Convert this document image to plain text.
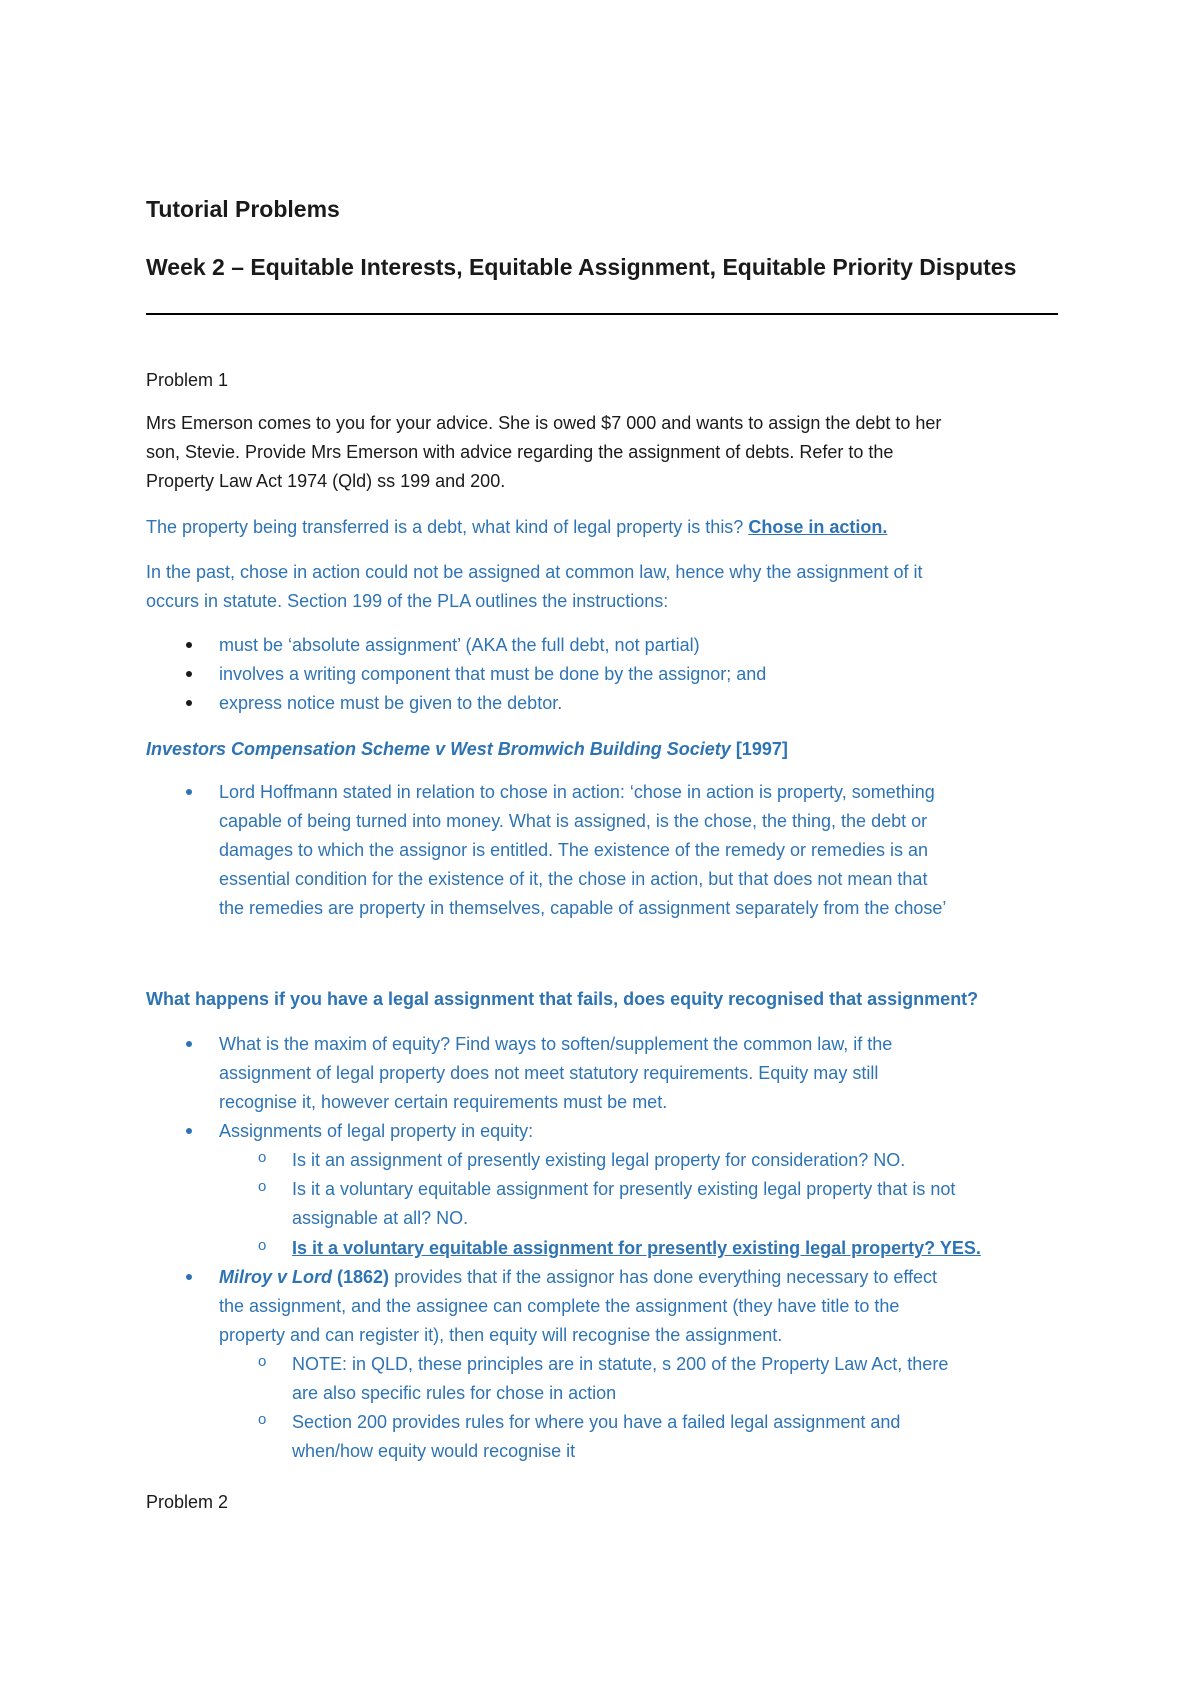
Tutorial Problems
Week 2 – Equitable Interests, Equitable Assignment, Equitable Priority Disputes
Problem 1
Mrs Emerson comes to you for your advice. She is owed $7 000 and wants to assign the debt to her
son, Stevie. Provide Mrs Emerson with advice regarding the assignment of debts. Refer to the
Property Law Act 1974 (Qld) ss 199 and 200.
The property being transferred is a debt, what kind of legal property is this? Chose in action.
In the past, chose in action could not be assigned at common law, hence why the assignment of it
occurs in statute. Section 199 of the PLA outlines the instructions:
must be ‘absolute assignment’ (AKA the full debt, not partial)
involves a writing component that must be done by the assignor; and
express notice must be given to the debtor.
Investors Compensation Scheme v West Bromwich Building Society [1997]
Lord Hoffmann stated in relation to chose in action: ‘chose in action is property, something
capable of being turned into money. What is assigned, is the chose, the thing, the debt or
damages to which the assignor is entitled. The existence of the remedy or remedies is an
essential condition for the existence of it, the chose in action, but that does not mean that
the remedies are property in themselves, capable of assignment separately from the chose’
What happens if you have a legal assignment that fails, does equity recognised that assignment?
What is the maxim of equity? Find ways to soften/supplement the common law, if the
assignment of legal property does not meet statutory requirements. Equity may still
recognise it, however certain requirements must be met.
Assignments of legal property in equity:
o Is it an assignment of presently existing legal property for consideration? NO.
o Is it a voluntary equitable assignment for presently existing legal property that is not
assignable at all? NO.
o Is it a voluntary equitable assignment for presently existing legal property? YES.
Milroy v Lord (1862) provides that if the assignor has done everything necessary to effect
the assignment, and the assignee can complete the assignment (they have title to the
property and can register it), then equity will recognise the assignment.
o NOTE: in QLD, these principles are in statute, s 200 of the Property Law Act, there
are also specific rules for chose in action
o Section 200 provides rules for where you have a failed legal assignment and
when/how equity would recognise it
Problem 2
